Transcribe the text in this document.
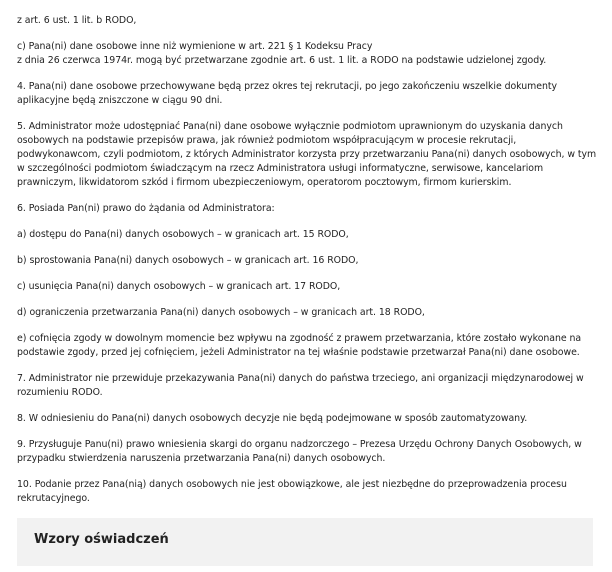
z art. 6 ust. 1 lit. b RODO,

c) Pana(ni) dane osobowe inne niż wymienione w art. 221 § 1 Kodeksu Pracy
z dnia 26 czerwca 1974r. mogą być przetwarzane zgodnie art. 6 ust. 1 lit. a RODO na podstawie udzielonej zgody.

4. Pana(ni) dane osobowe przechowywane będą przez okres tej rekrutacji, po jego zakończeniu wszelkie dokumenty
aplikacyjne będą zniszczone w ciągu 90 dni.

5. Administrator może udostępniać Pana(ni) dane osobowe wyłącznie podmiotom uprawnionym do uzyskania danych
osobowych na podstawie przepisów prawa, jak również podmiotom współpracującym w procesie rekrutacji,
podwykonawcom, czyli podmiotom, z których Administrator korzysta przy przetwarzaniu Pana(ni) danych osobowych, w tym
w szczególności podmiotom świadczącym na rzecz Administratora usługi informatyczne, serwisowe, kancelariom
prawniczym, likwidatorom szkód i firmom ubezpieczeniowym, operatorom pocztowym, firmom kurierskim.

6. Posiada Pan(ni) prawo do żądania od Administratora:

a) dostępu do Pana(ni) danych osobowych – w granicach art. 15 RODO,

b) sprostowania Pana(ni) danych osobowych – w granicach art. 16 RODO,

c) usunięcia Pana(ni) danych osobowych – w granicach art. 17 RODO,

d) ograniczenia przetwarzania Pana(ni) danych osobowych – w granicach art. 18 RODO,

e) cofnięcia zgody w dowolnym momencie bez wpływu na zgodność z prawem przetwarzania, które zostało wykonane na
podstawie zgody, przed jej cofnięciem, jeżeli Administrator na tej właśnie podstawie przetwarzał Pana(ni) dane osobowe.

7. Administrator nie przewiduje przekazywania Pana(ni) danych do państwa trzeciego, ani organizacji międzynarodowej w
rozumieniu RODO.

8. W odniesieniu do Pana(ni) danych osobowych decyzje nie będą podejmowane w sposób zautomatyzowany.

9. Przysługuje Panu(ni) prawo wniesienia skargi do organu nadzorczego – Prezesa Urzędu Ochrony Danych Osobowych, w
przypadku stwierdzenia naruszenia przetwarzania Pana(ni) danych osobowych.

10. Podanie przez Pana(nią) danych osobowych nie jest obowiązkowe, ale jest niezbędne do przeprowadzenia procesu
rekrutacyjnego.

Wzory oświadczeń
